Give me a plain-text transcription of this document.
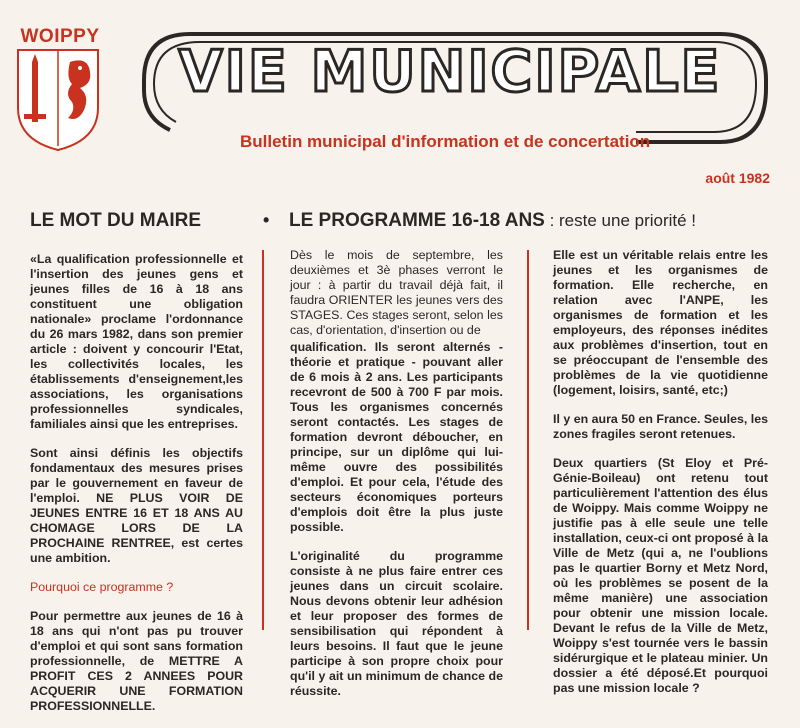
WOIPPY
VIE MUNICIPALE
Bulletin municipal d'information et de concertation
août 1982
LE MOT DU MAIRE	• LE PROGRAMME 16-18 ANS : reste une priorité !

«La qualification professionnelle et l'insertion des jeunes gens et jeunes filles de 16 à 18 ans constituent une obligation nationale» proclame l'ordonnance du 26 mars 1982, dans son premier article : doivent y concourir l'Etat, les collectivités locales, les établissements d'enseignement,les associations, les organisations professionnelles syndicales, familiales ainsi que les entreprises.

Sont ainsi définis les objectifs fondamentaux des mesures prises par le gouvernement en faveur de l'emploi. NE PLUS VOIR DE JEUNES ENTRE 16 ET 18 ANS AU CHOMAGE LORS DE LA PROCHAINE RENTREE, est certes une ambition.

Pourquoi ce programme ?

Pour permettre aux jeunes de 16 à 18 ans qui n'ont pas pu trouver d'emploi et qui sont sans formation professionnelle, de METTRE A PROFIT CES 2 ANNEES POUR ACQUERIR UNE FORMATION PROFESSIONNELLE.

Dès le mois de septembre, les deuxièmes et 3è phases verront le jour : à partir du travail déjà fait, il faudra ORIENTER les jeunes vers des STAGES. Ces stages seront, selon les cas, d'orientation, d'insertion ou de

qualification. Ils seront alternés - théorie et pratique - pouvant aller de 6 mois à 2 ans. Les participants recevront de 500 à 700 F par mois. Tous les organismes concernés seront contactés. Les stages de formation devront déboucher, en principe, sur un diplôme qui lui-même ouvre des possibilités d'emploi. Et pour cela, l'étude des secteurs économiques porteurs d'emplois doit être la plus juste possible.

L'originalité du programme consiste à ne plus faire entrer ces jeunes dans un circuit scolaire. Nous devons obtenir leur adhésion et leur proposer des formes de sensibilisation qui répondent à leurs besoins. Il faut que le jeune participe à son propre choix pour qu'il y ait un minimum de chance de réussite.

Elle est un véritable relais entre les jeunes et les organismes de formation. Elle recherche, en relation avec l'ANPE, les organismes de formation et les employeurs, des réponses inédites aux problèmes d'insertion, tout en se préoccupant de l'ensemble des problèmes de la vie quotidienne (logement, loisirs, santé, etc;)

Il y en aura 50 en France. Seules, les zones fragiles seront retenues.

Deux quartiers (St Eloy et Pré-Génie-Boileau) ont retenu tout particulièrement l'attention des élus de Woippy. Mais comme Woippy ne justifie pas à elle seule une telle installation, ceux-ci ont proposé à la Ville de Metz (qui a, ne l'oublions pas le quartier Borny et Metz Nord, où les problèmes se posent de la même manière) une association pour obtenir une mission locale. Devant le refus de la Ville de Metz, Woippy s'est tournée vers le bassin sidérurgique et le plateau minier. Un dossier a été déposé.Et pourquoi pas une mission locale ?
